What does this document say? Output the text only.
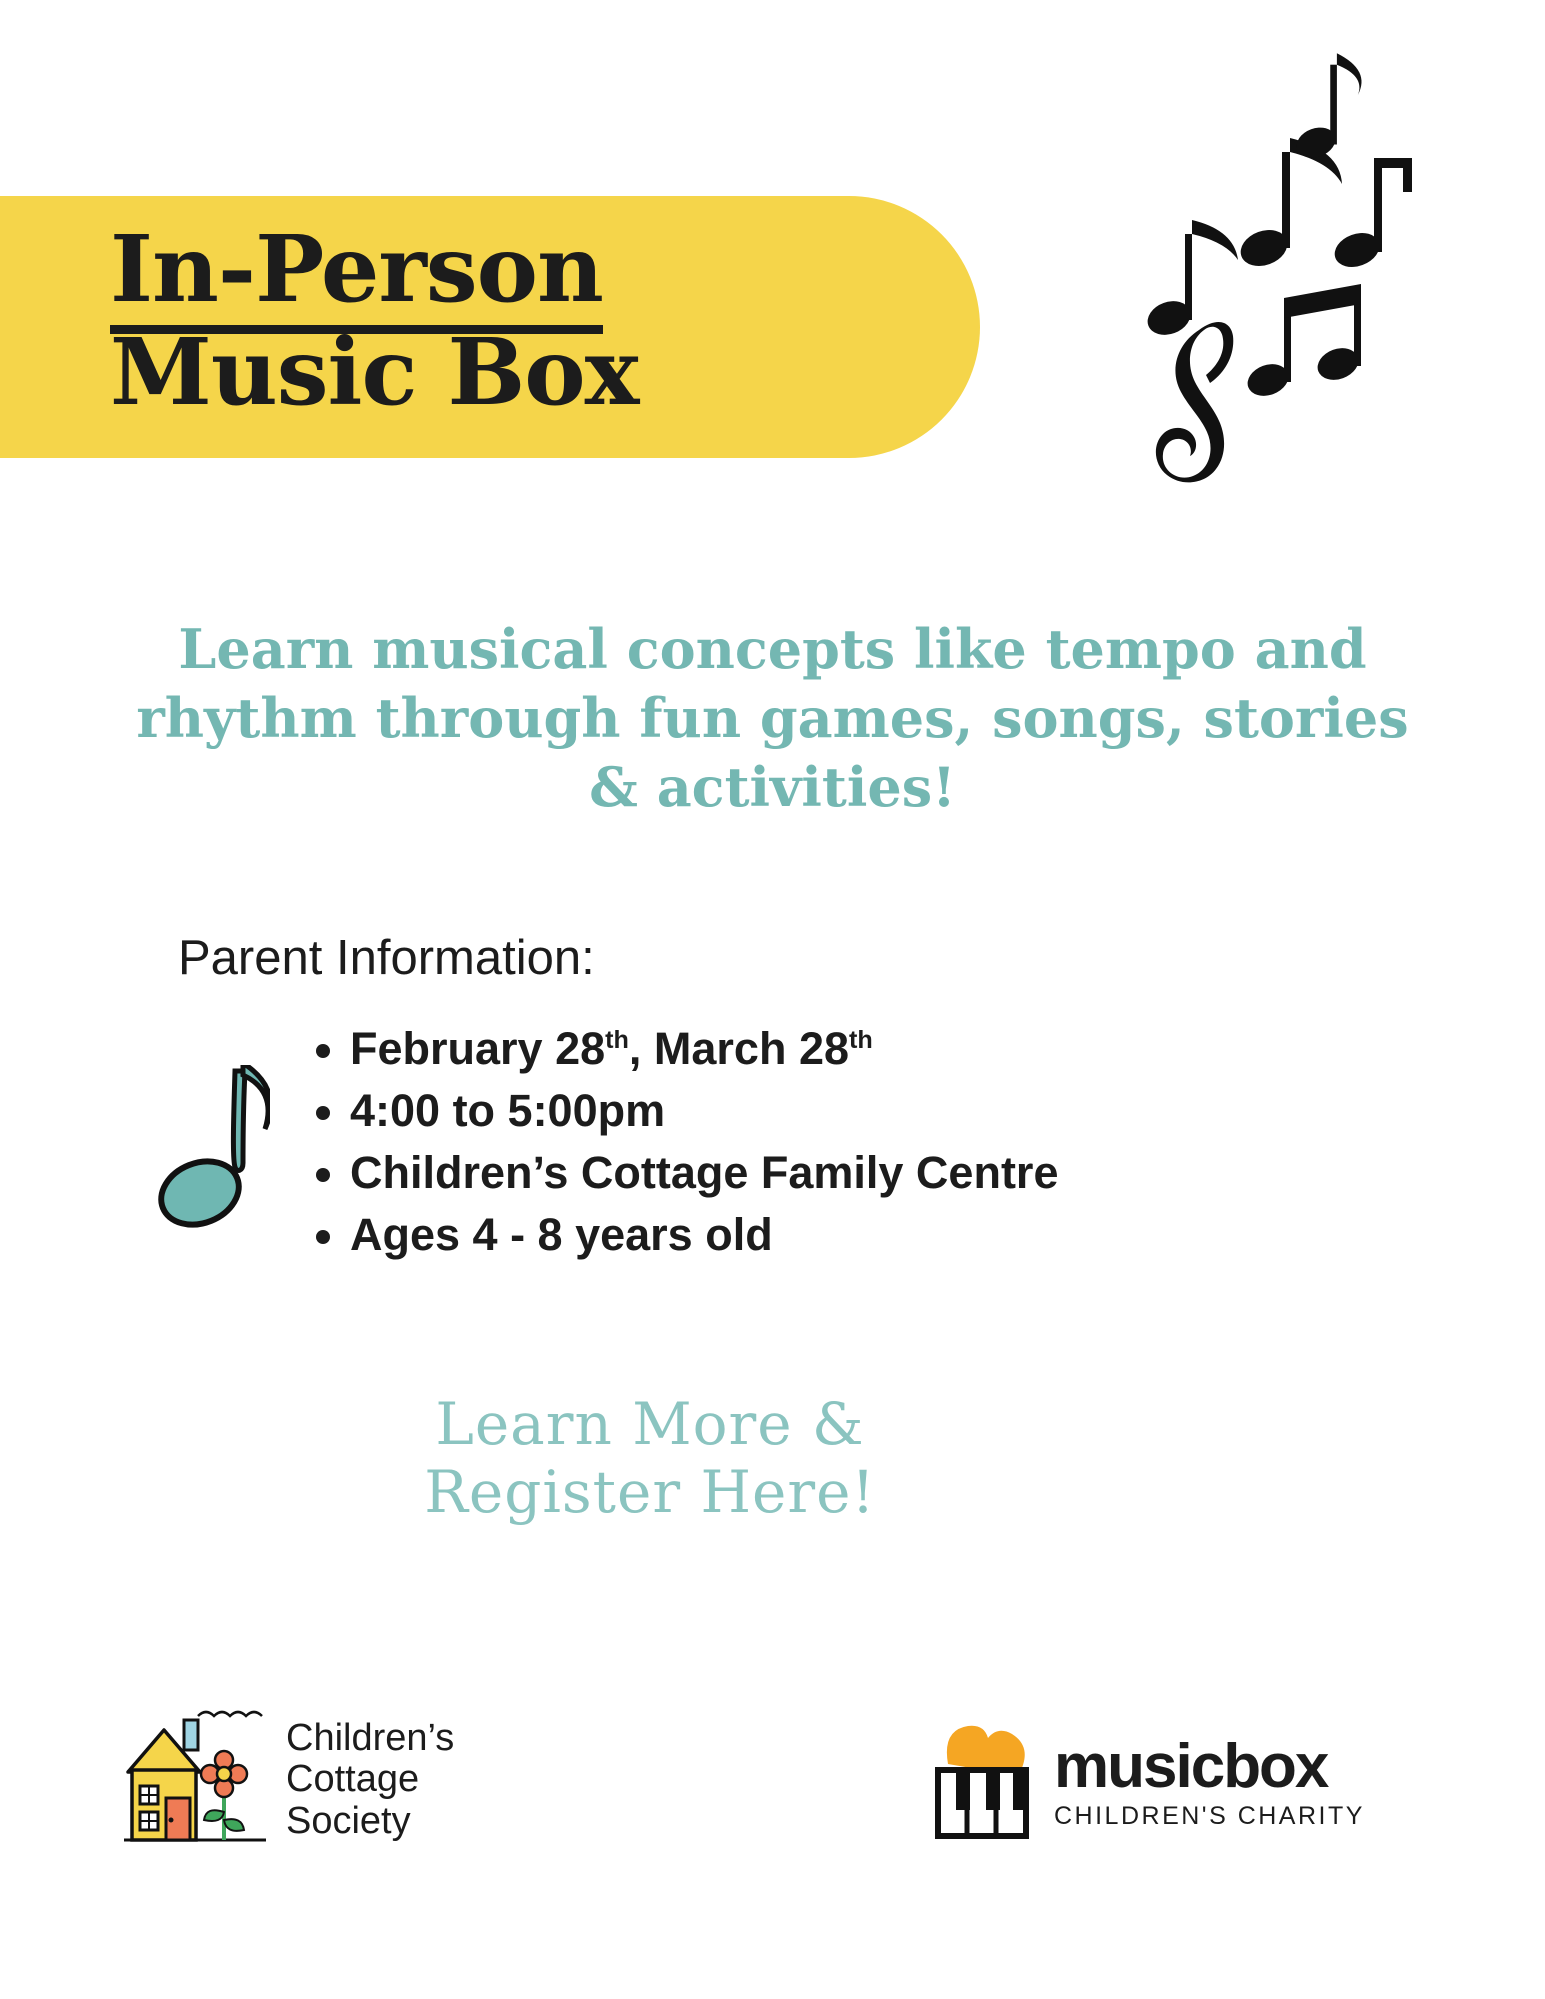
In-Person
Music Box
Learn musical concepts like tempo and rhythm through fun games, songs, stories & activities!
Parent Information:
• February 28th, March 28th
• 4:00 to 5:00pm
• Children’s Cottage Family Centre
• Ages 4 - 8 years old
Learn More &
Register Here!
Children’s
Cottage
Society
musicbox
CHILDREN'S CHARITY
